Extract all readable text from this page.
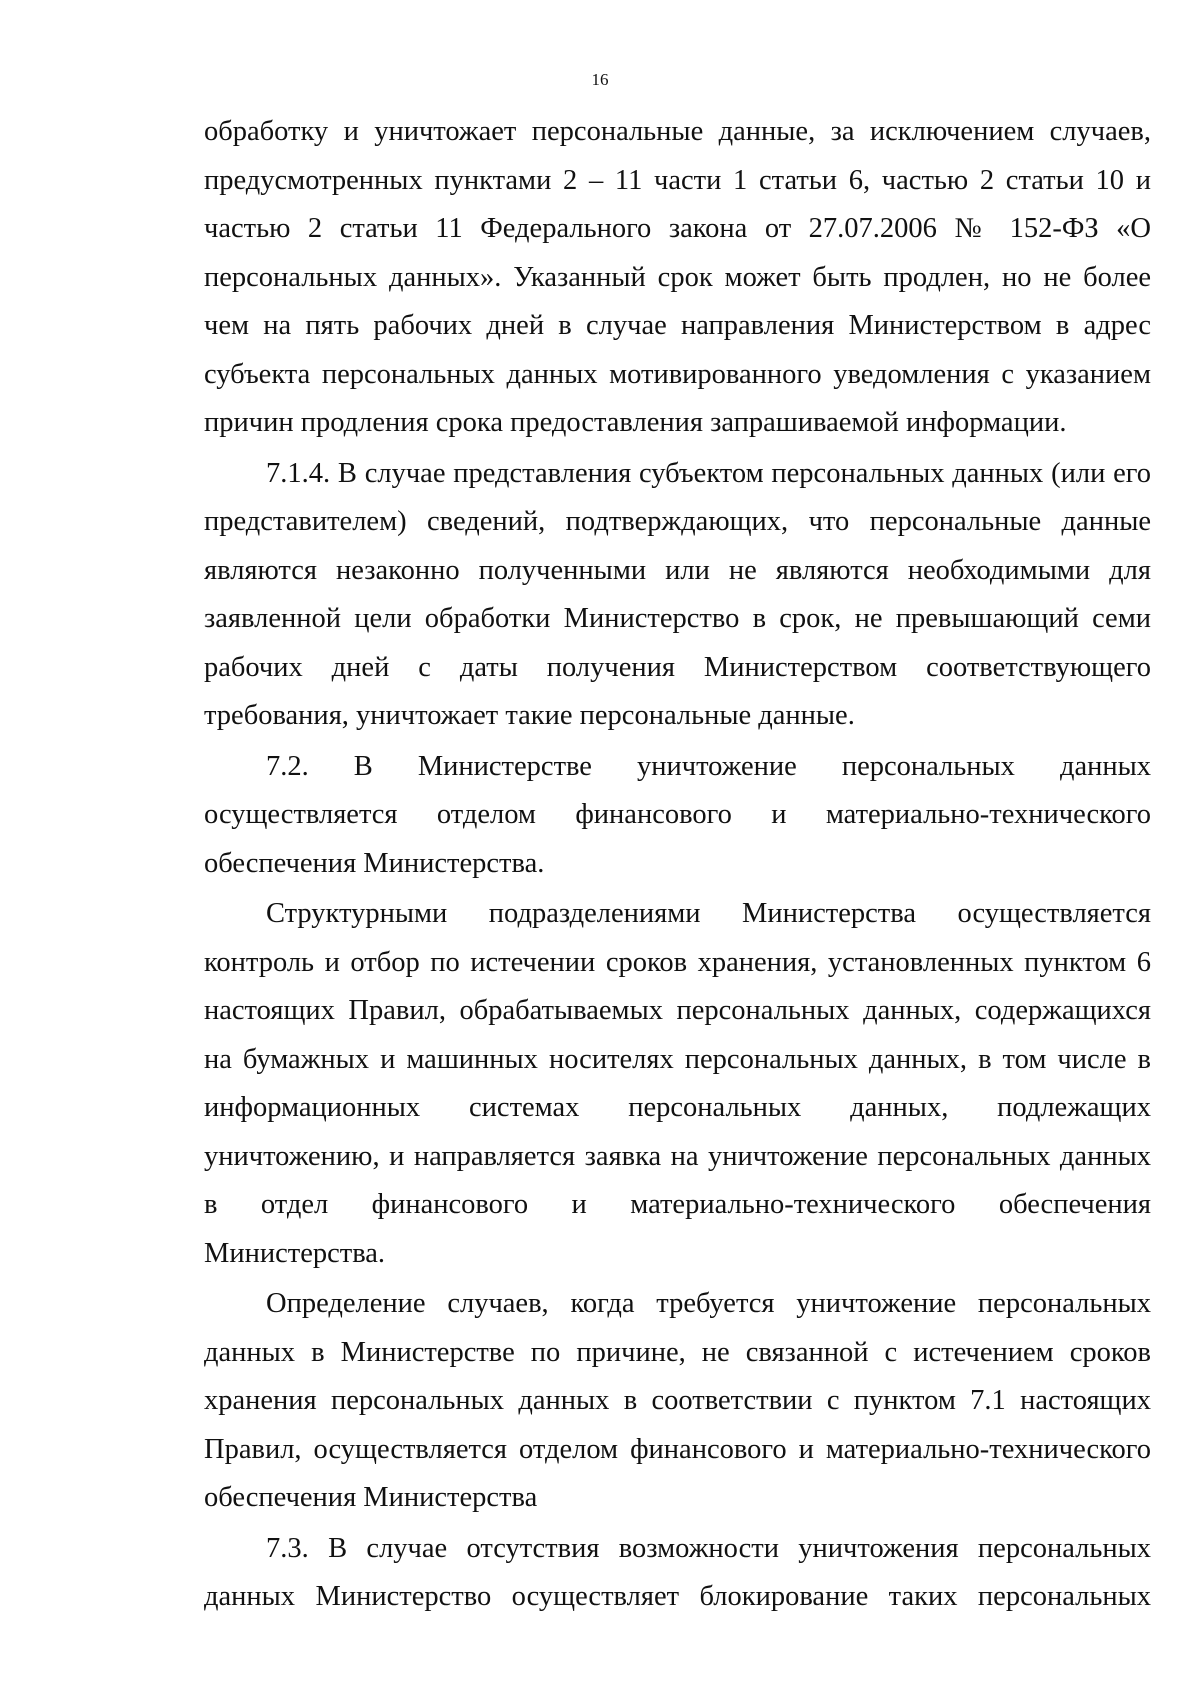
16

обработку и уничтожает персональные данные, за исключением случаев, предусмотренных пунктами 2 – 11 части 1 статьи 6, частью 2 статьи 10 и частью 2 статьи 11 Федерального закона от 27.07.2006 № 152-ФЗ «О персональных данных». Указанный срок может быть продлен, но не более чем на пять рабочих дней в случае направления Министерством в адрес субъекта персональных данных мотивированного уведомления с указанием причин продления срока предоставления запрашиваемой информации.

7.1.4. В случае представления субъектом персональных данных (или его представителем) сведений, подтверждающих, что персональные данные являются незаконно полученными или не являются необходимыми для заявленной цели обработки Министерство в срок, не превышающий семи рабочих дней с даты получения Министерством соответствующего требования, уничтожает такие персональные данные.

7.2. В Министерстве уничтожение персональных данных осуществляется отделом финансового и материально-технического обеспечения Министерства.

Структурными подразделениями Министерства осуществляется контроль и отбор по истечении сроков хранения, установленных пунктом 6 настоящих Правил, обрабатываемых персональных данных, содержащихся на бумажных и машинных носителях персональных данных, в том числе в информационных системах персональных данных, подлежащих уничтожению, и направляется заявка на уничтожение персональных данных в отдел финансового и материально-технического обеспечения Министерства.

Определение случаев, когда требуется уничтожение персональных данных в Министерстве по причине, не связанной с истечением сроков хранения персональных данных в соответствии с пунктом 7.1 настоящих Правил, осуществляется отделом финансового и материально-технического обеспечения Министерства

7.3. В случае отсутствия возможности уничтожения персональных данных Министерство осуществляет блокирование таких персональных
